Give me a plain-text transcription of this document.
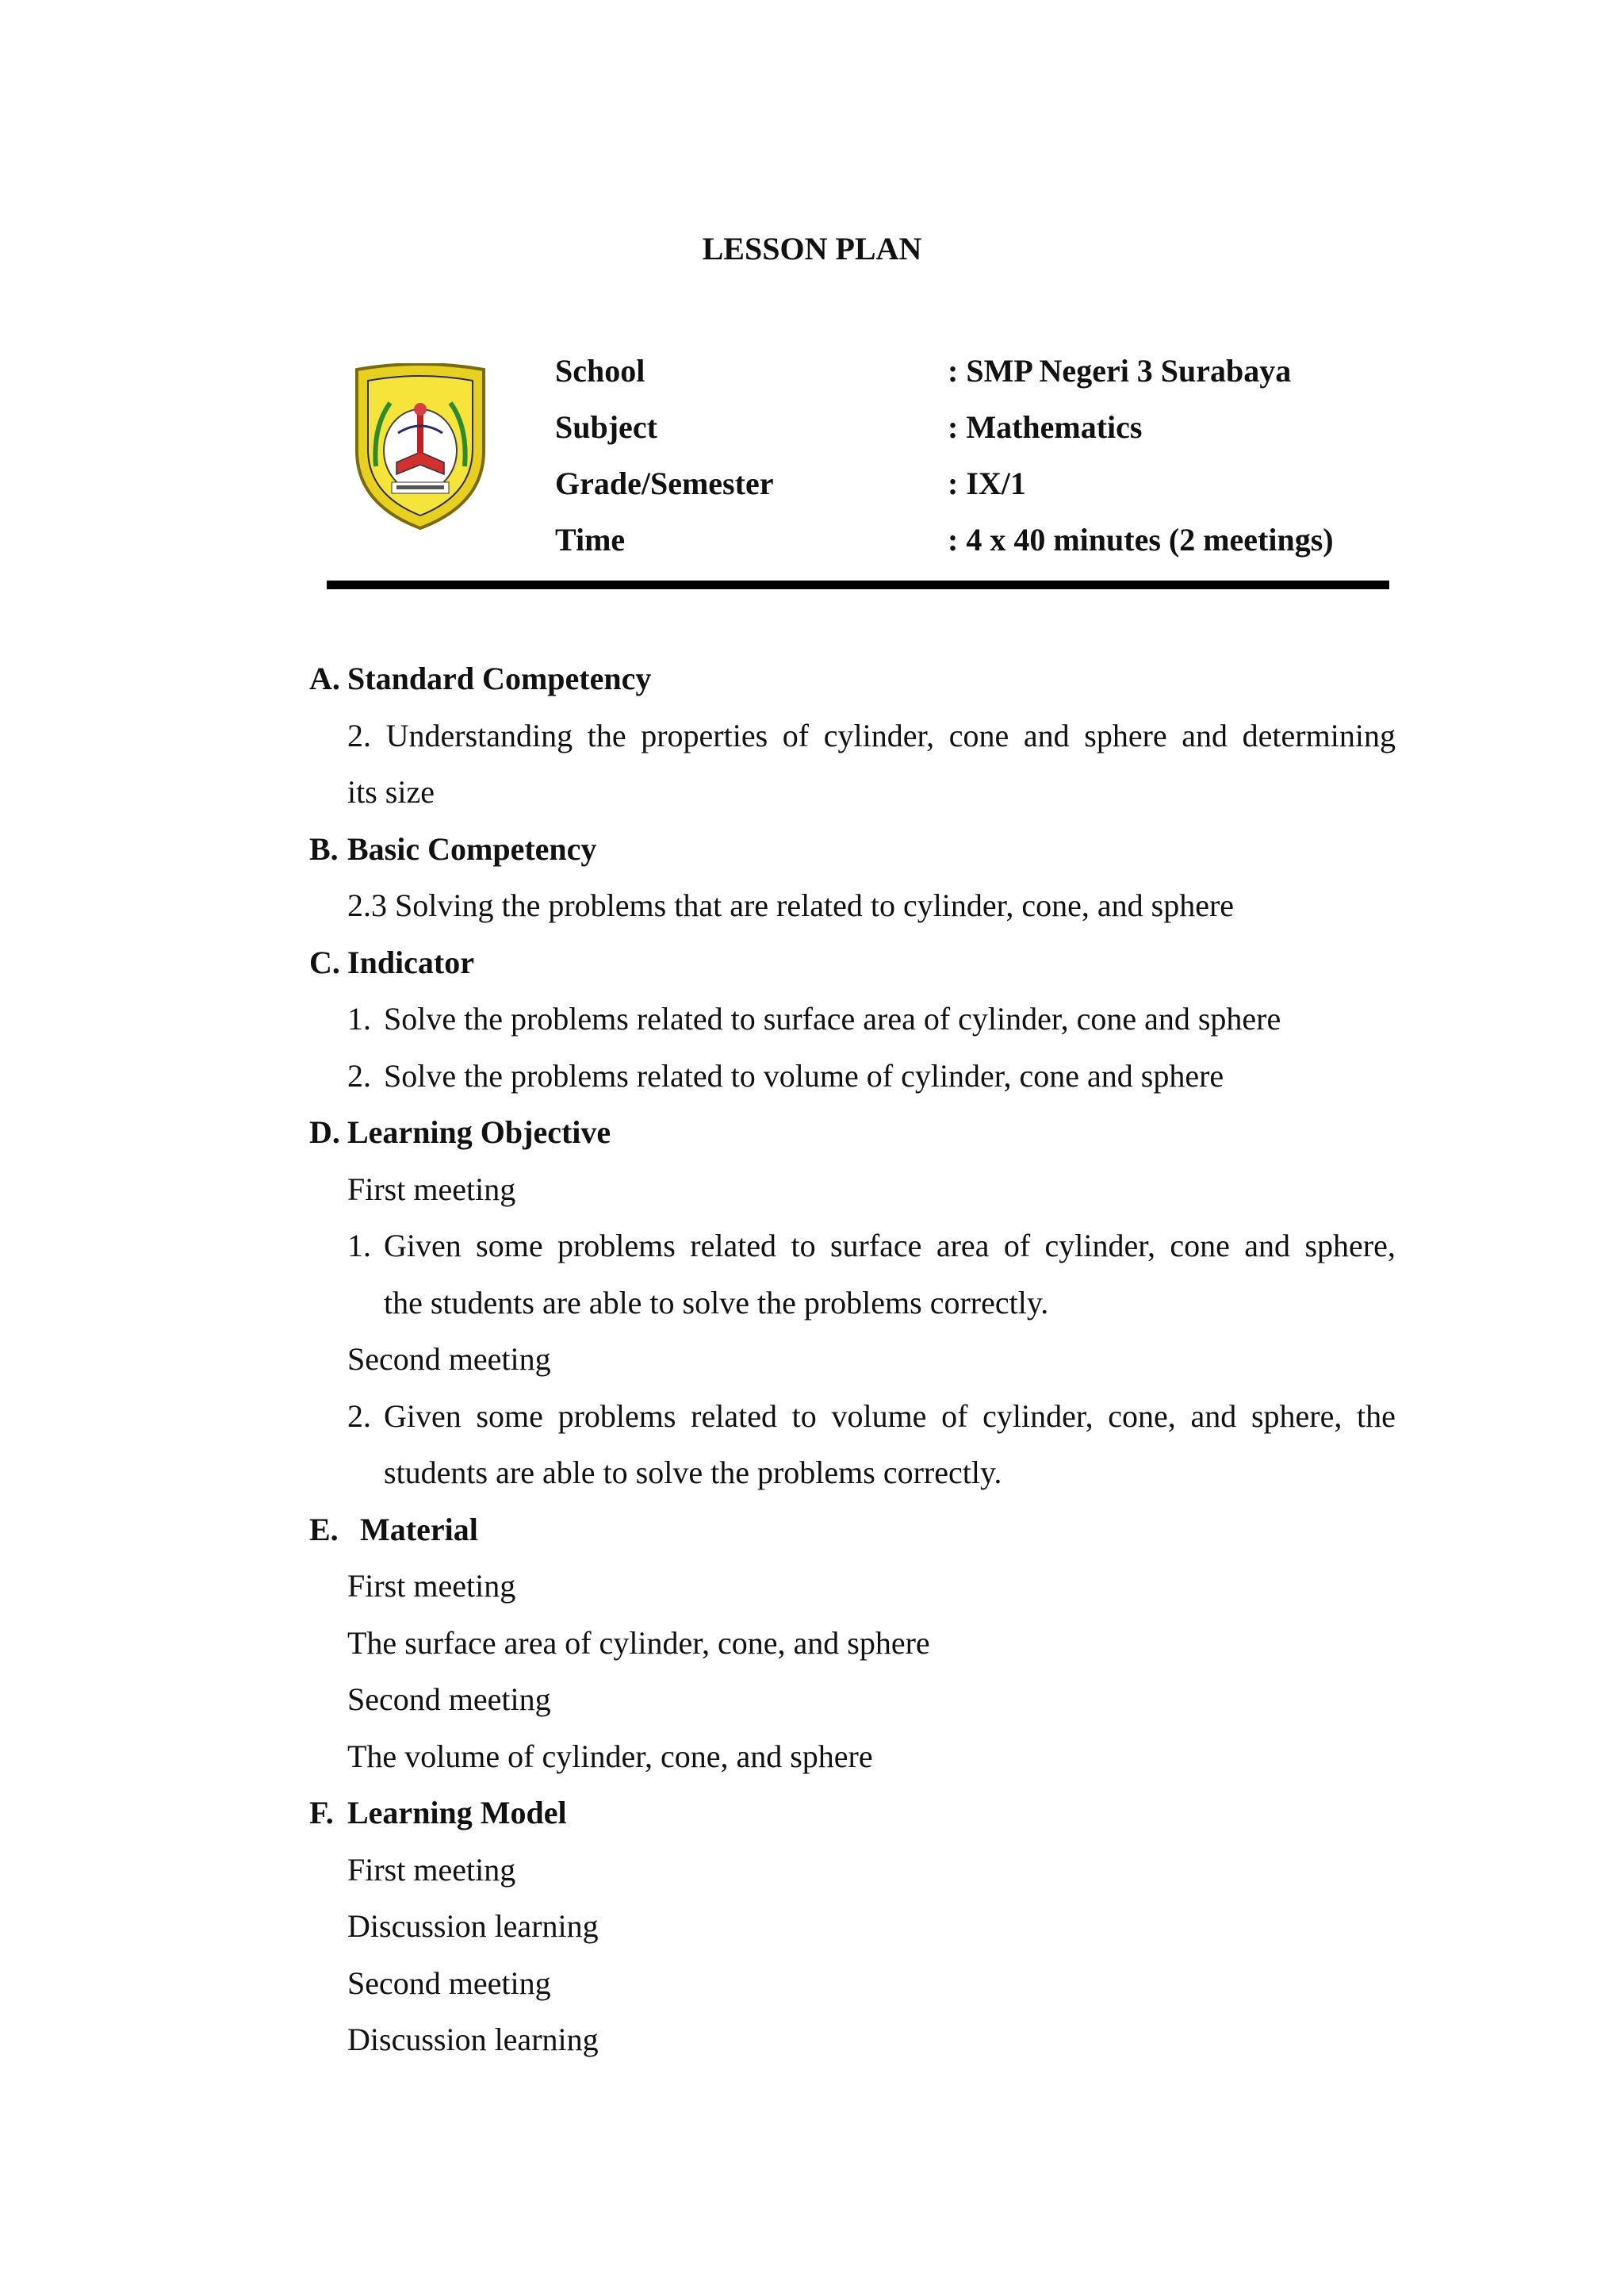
LESSON PLAN
School	: SMP Negeri 3 Surabaya
Subject	: Mathematics
Grade/Semester	: IX/1
Time	: 4 x 40 minutes (2 meetings)
A. Standard Competency
2. Understanding the properties of cylinder, cone and sphere and determining
its size
B. Basic Competency
2.3 Solving the problems that are related to cylinder, cone, and sphere
C. Indicator
1. Solve the problems related to surface area of cylinder, cone and sphere
2. Solve the problems related to volume of cylinder, cone and sphere
D. Learning Objective
First meeting
1. Given some problems related to surface area of cylinder, cone and sphere,
the students are able to solve the problems correctly.
Second meeting
2. Given some problems related to volume of cylinder, cone, and sphere, the
students are able to solve the problems correctly.
E. Material
First meeting
The surface area of cylinder, cone, and sphere
Second meeting
The volume of cylinder, cone, and sphere
F. Learning Model
First meeting
Discussion learning
Second meeting
Discussion learning
